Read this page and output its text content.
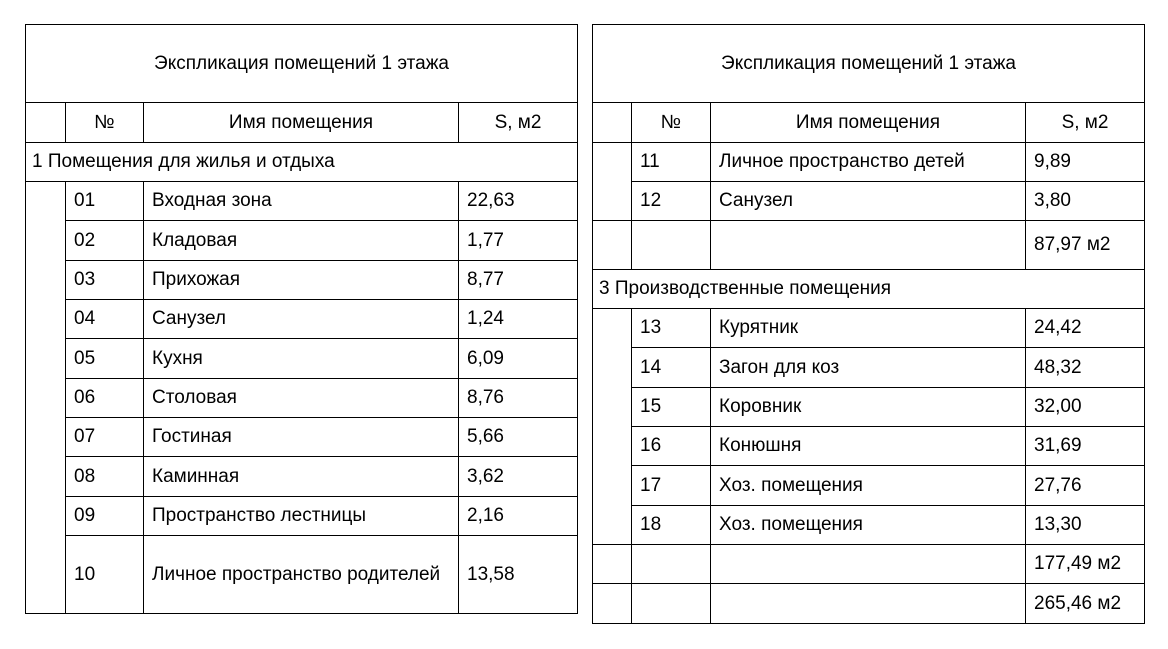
Экспликация помещений 1 этажа			
	№	Имя помещения	S, м2
1 Помещения для жилья и отдыха			
	01	Входная зона	22,63
	02	Кладовая	1,77
	03	Прихожая	8,77
	04	Санузел	1,24
	05	Кухня	6,09
	06	Столовая	8,76
	07	Гостиная	5,66
	08	Каминная	3,62
	09	Пространство лестницы	2,16
	10	Личное пространство родителей	13,58
Экспликация помещений 1 этажа			
	№	Имя помещения	S, м2
	11	Личное пространство детей	9,89
	12	Санузел	3,80
			87,97 м2
3 Производственные помещения			
	13	Курятник	24,42
	14	Загон для коз	48,32
	15	Коровник	32,00
	16	Конюшня	31,69
	17	Хоз. помещения	27,76
	18	Хоз. помещения	13,30
			177,49 м2
			265,46 м2
